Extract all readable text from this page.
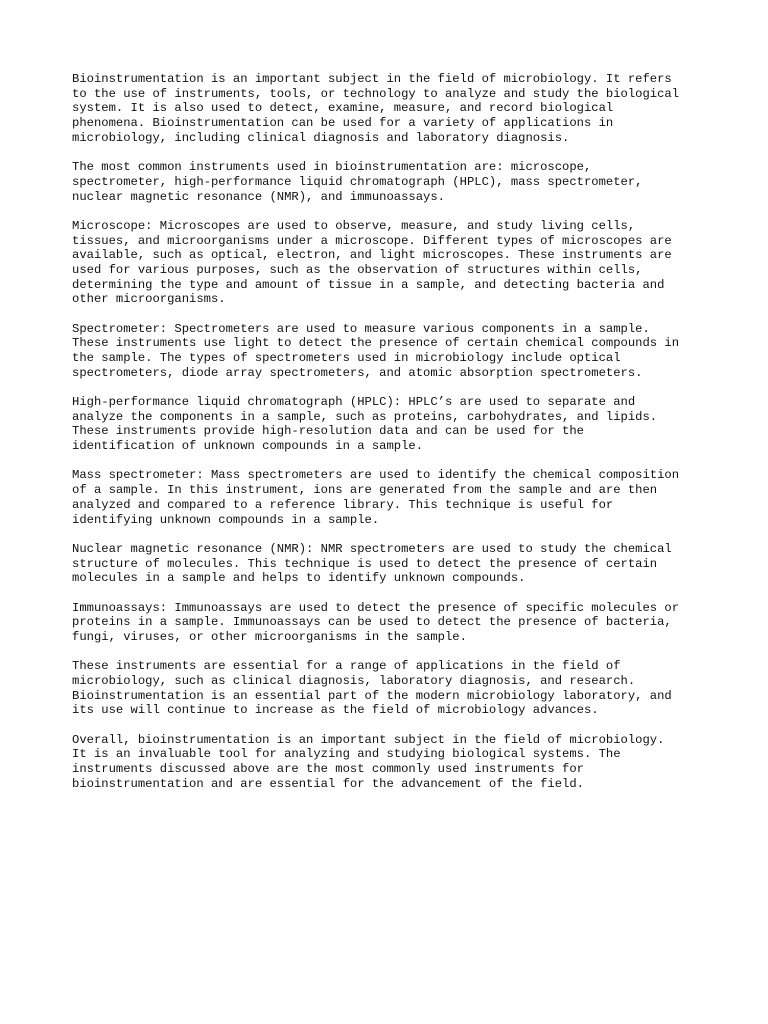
Bioinstrumentation is an important subject in the field of microbiology. It refers
to the use of instruments, tools, or technology to analyze and study the biological
system. It is also used to detect, examine, measure, and record biological
phenomena. Bioinstrumentation can be used for a variety of applications in
microbiology, including clinical diagnosis and laboratory diagnosis.

The most common instruments used in bioinstrumentation are: microscope,
spectrometer, high-performance liquid chromatograph (HPLC), mass spectrometer,
nuclear magnetic resonance (NMR), and immunoassays.

Microscope: Microscopes are used to observe, measure, and study living cells,
tissues, and microorganisms under a microscope. Different types of microscopes are
available, such as optical, electron, and light microscopes. These instruments are
used for various purposes, such as the observation of structures within cells,
determining the type and amount of tissue in a sample, and detecting bacteria and
other microorganisms.

Spectrometer: Spectrometers are used to measure various components in a sample.
These instruments use light to detect the presence of certain chemical compounds in
the sample. The types of spectrometers used in microbiology include optical
spectrometers, diode array spectrometers, and atomic absorption spectrometers.

High-performance liquid chromatograph (HPLC): HPLC’s are used to separate and
analyze the components in a sample, such as proteins, carbohydrates, and lipids.
These instruments provide high-resolution data and can be used for the
identification of unknown compounds in a sample.

Mass spectrometer: Mass spectrometers are used to identify the chemical composition
of a sample. In this instrument, ions are generated from the sample and are then
analyzed and compared to a reference library. This technique is useful for
identifying unknown compounds in a sample.

Nuclear magnetic resonance (NMR): NMR spectrometers are used to study the chemical
structure of molecules. This technique is used to detect the presence of certain
molecules in a sample and helps to identify unknown compounds.

Immunoassays: Immunoassays are used to detect the presence of specific molecules or
proteins in a sample. Immunoassays can be used to detect the presence of bacteria,
fungi, viruses, or other microorganisms in the sample.

These instruments are essential for a range of applications in the field of
microbiology, such as clinical diagnosis, laboratory diagnosis, and research.
Bioinstrumentation is an essential part of the modern microbiology laboratory, and
its use will continue to increase as the field of microbiology advances.

Overall, bioinstrumentation is an important subject in the field of microbiology.
It is an invaluable tool for analyzing and studying biological systems. The
instruments discussed above are the most commonly used instruments for
bioinstrumentation and are essential for the advancement of the field.
